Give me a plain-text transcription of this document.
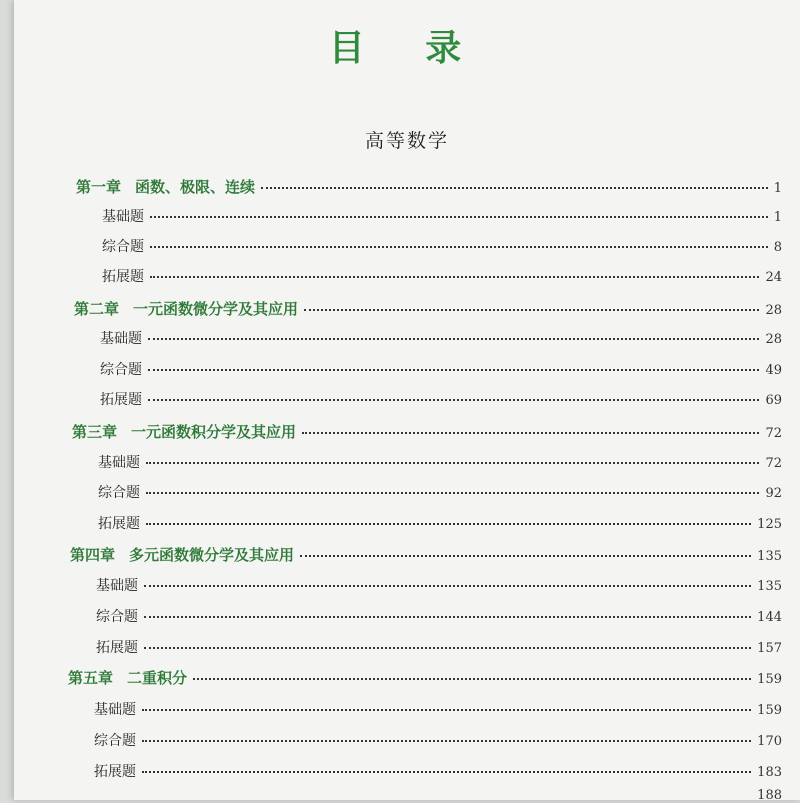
目 录
高等数学
第一章 函数、极限、连续	1
基础题	1
综合题	8
拓展题	24
第二章 一元函数微分学及其应用	28
基础题	28
综合题	49
拓展题	69
第三章 一元函数积分学及其应用	72
基础题	72
综合题	92
拓展题	125
第四章 多元函数微分学及其应用	135
基础题	135
综合题	144
拓展题	157
第五章 二重积分	159
基础题	159
综合题	170
拓展题	183
188
